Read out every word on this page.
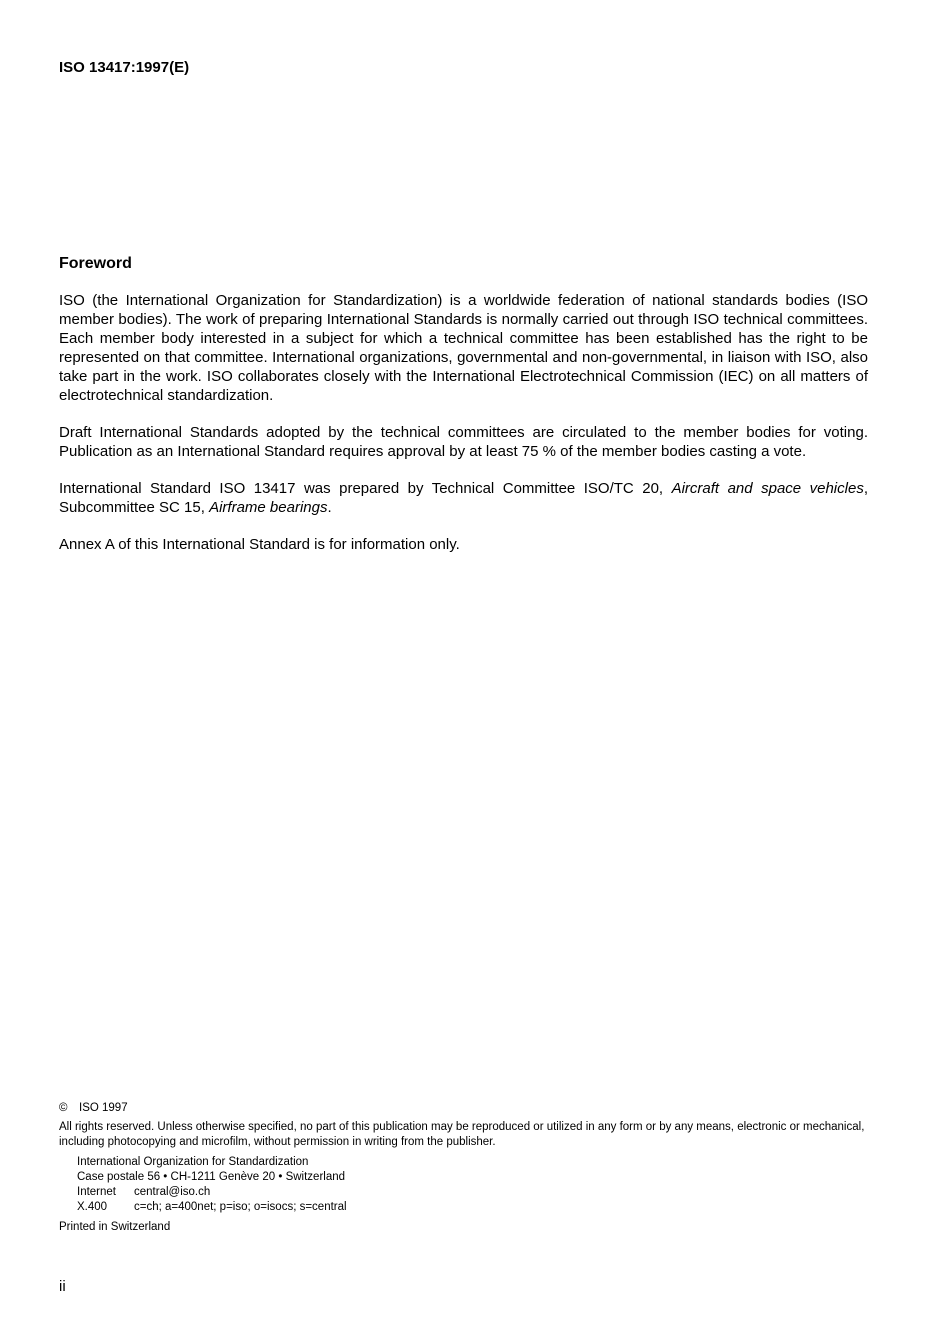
ISO 13417:1997(E)
Foreword

ISO (the International Organization for Standardization) is a worldwide federation of national standards bodies (ISO member bodies). The work of preparing International Standards is normally carried out through ISO technical committees. Each member body interested in a subject for which a technical committee has been established has the right to be represented on that committee. International organizations, governmental and non-governmental, in liaison with ISO, also take part in the work. ISO collaborates closely with the International Electrotechnical Commission (IEC) on all matters of electrotechnical standardization.

Draft International Standards adopted by the technical committees are circulated to the member bodies for voting. Publication as an International Standard requires approval by at least 75 % of the member bodies casting a vote.

International Standard ISO 13417 was prepared by Technical Committee ISO/TC 20, Aircraft and space vehicles, Subcommittee SC 15, Airframe bearings.

Annex A of this International Standard is for information only.

© ISO 1997
All rights reserved. Unless otherwise specified, no part of this publication may be reproduced or utilized in any form or by any means, electronic or mechanical, including photocopying and microfilm, without permission in writing from the publisher.
International Organization for Standardization
Case postale 56 • CH-1211 Genève 20 • Switzerland
Internet central@iso.ch
X.400 c=ch; a=400net; p=iso; o=isocs; s=central
Printed in Switzerland
ii
